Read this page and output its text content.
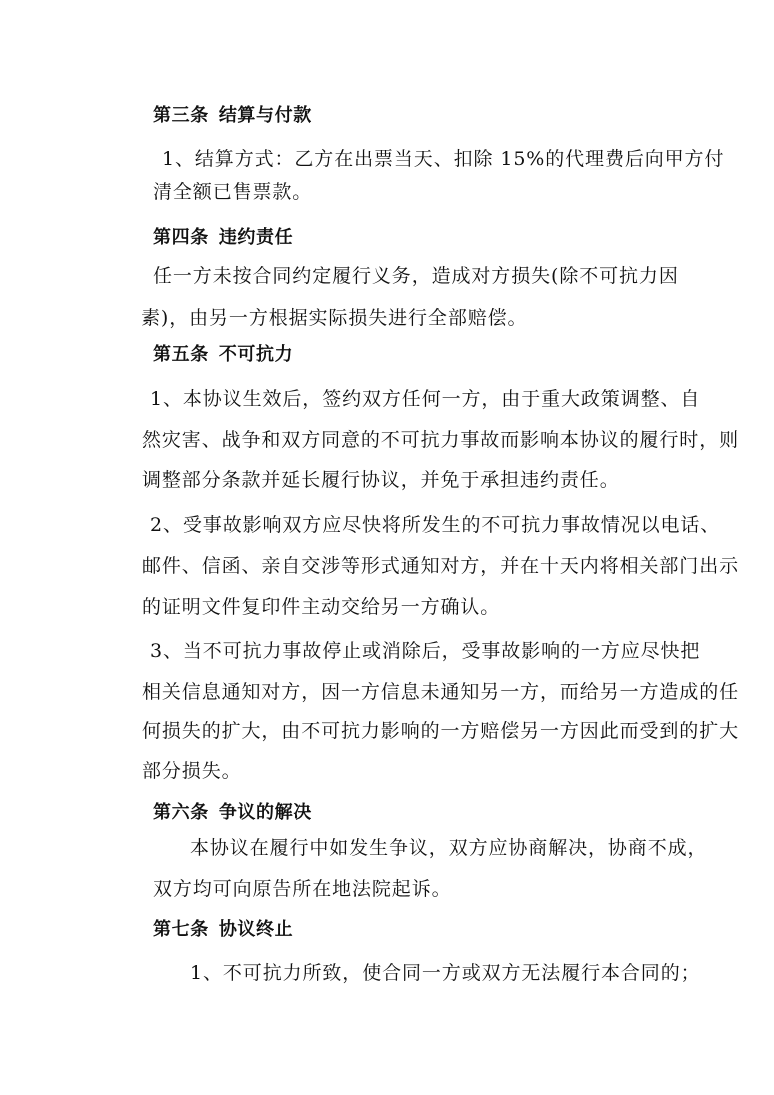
第三条 结算与付款
1、结算方式：乙方在出票当天、扣除 15%的代理费后向甲方付
清全额已售票款。
第四条 违约责任
任一方未按合同约定履行义务，造成对方损失(除不可抗力因
素)，由另一方根据实际损失进行全部赔偿。
第五条 不可抗力
1、本协议生效后，签约双方任何一方，由于重大政策调整、自
然灾害、战争和双方同意的不可抗力事故而影响本协议的履行时，则
调整部分条款并延长履行协议，并免于承担违约责任。
2、受事故影响双方应尽快将所发生的不可抗力事故情况以电话、
邮件、信函、亲自交涉等形式通知对方，并在十天内将相关部门出示
的证明文件复印件主动交给另一方确认。
3、当不可抗力事故停止或消除后，受事故影响的一方应尽快把
相关信息通知对方，因一方信息未通知另一方，而给另一方造成的任
何损失的扩大，由不可抗力影响的一方赔偿另一方因此而受到的扩大
部分损失。
第六条 争议的解决
本协议在履行中如发生争议，双方应协商解决，协商不成，
双方均可向原告所在地法院起诉。
第七条 协议终止
1、不可抗力所致，使合同一方或双方无法履行本合同的；
